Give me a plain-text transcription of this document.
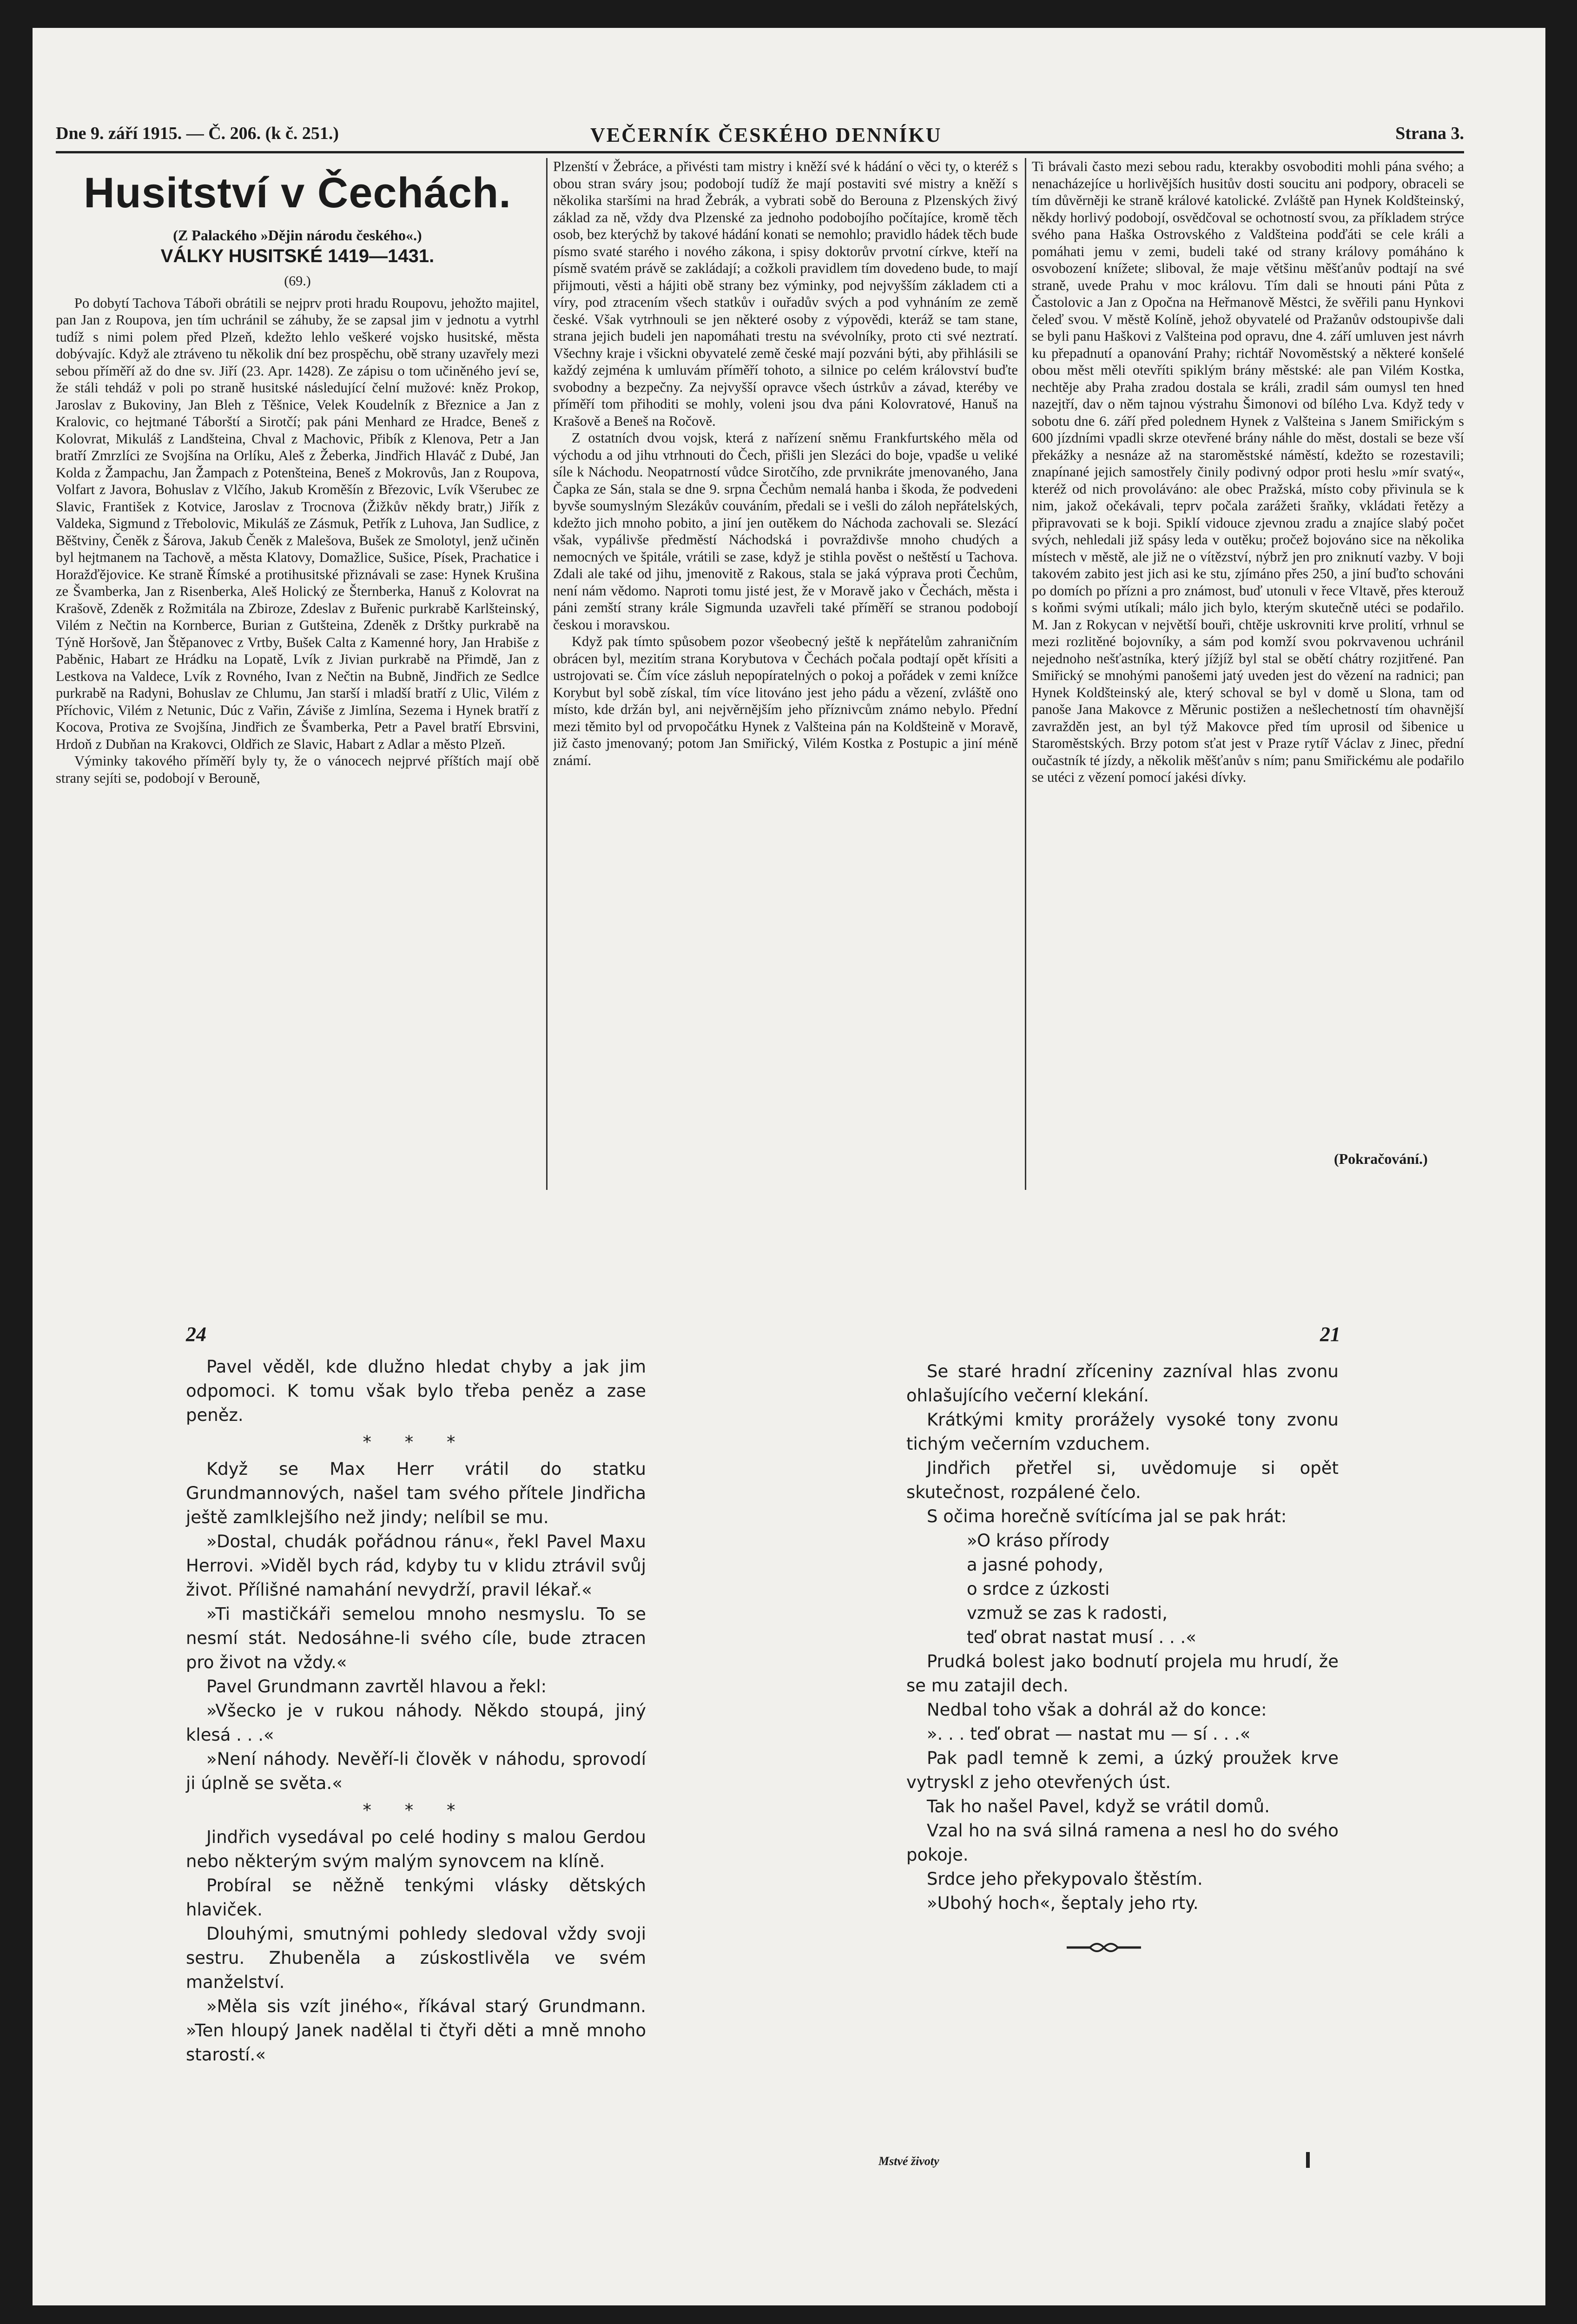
Dne 9. září 1915. — Č. 206. (k č. 251.)	VEČERNÍK ČESKÉHO DENNÍKU	Strana 3.
Husitství v Čechách.
(Z Palackého »Dějin národu českého«.)
VÁLKY HUSITSKÉ 1419—1431.
(69.)

Po dobytí Tachova Táboři obrátili se nejprv proti hradu Roupovu, jehožto majitel, pan Jan z Roupova, jen tím uchránil se záhuby, že se zapsal jim v jednotu a vytrhl tudíž s nimi polem před Plzeň, kdežto lehlo veškeré vojsko husitské, města dobývajíc. Když ale ztráveno tu několik dní bez prospěchu, obě strany uzavřely mezi sebou příměří až do dne sv. Jiří (23. Apr. 1428). Ze zápisu o tom učiněného jeví se, že stáli tehdáž v poli po straně husitské následující čelní mužové: kněz Prokop, Jaroslav z Bukoviny, Jan Bleh z Těšnice, Velek Koudelník z Březnice a Jan z Kralovic, co hejtmané Táborští a Sirotčí; pak páni Menhard ze Hradce, Beneš z Kolovrat, Mikuláš z Landšteina, Chval z Machovic, Přibík z Klenova, Petr a Jan bratří Zmrzlíci ze Svojšína na Orlíku, Aleš z Žeberka, Jindřich Hlaváč z Dubé, Jan Kolda z Žampachu, Jan Žampach z Potenšteina, Beneš z Mokrovůs, Jan z Roupova, Volfart z Javora, Bohuslav z Vlčího, Jakub Kroměšín z Březovic, Lvík Všerubec ze Slavic, František z Kotvice, Jaroslav z Trocnova (Žižkův někdy bratr,) Jiřík z Valdeka, Sigmund z Třebolovic, Mikuláš ze Zásmuk, Petřík z Luhova, Jan Sudlice, z Běštviny, Čeněk z Šárova, Jakub Čeněk z Malešova, Bušek ze Smolotyl, jenž učiněn byl hejtmanem na Tachově, a města Klatovy, Domažlice, Sušice, Písek, Prachatice i Horažďějovice. Ke straně Římské a protihusitské přiznávali se zase: Hynek Krušina ze Švamberka, Jan z Risenberka, Aleš Holický ze Šternberka, Hanuš z Kolovrat na Krašově, Zdeněk z Rožmitála na Zbiroze, Zdeslav z Buřenic purkrabě Karlšteinský, Vilém z Nečtin na Kornberce, Burian z Gutšteina, Zdeněk z Drštky purkrabě na Týně Horšově, Jan Štěpanovec z Vrtby, Bušek Calta z Kamenné hory, Jan Hrabiše z Paběnic, Habart ze Hrádku na Lopatě, Lvík z Jivian purkrabě na Přimdě, Jan z Lestkova na Valdece, Lvík z Rovného, Ivan z Nečtin na Bubně, Jindřich ze Sedlce purkrabě na Radyni, Bohuslav ze Chlumu, Jan starší i mladší bratří z Ulic, Vilém z Příchovic, Vilém z Netunic, Dúc z Vařin, Záviše z Jimlína, Sezema i Hynek bratří z Kocova, Protiva ze Svojšína, Jindřich ze Švamberka, Petr a Pavel bratří Ebrsvini, Hrdoň z Dubňan na Krakovci, Oldřich ze Slavic, Habart z Adlar a město Plzeň.

Výminky takového příměří byly ty, že o vánocech nejprvé příštích mají obě strany sejíti se, podobojí v Berouně,

Plzenští v Žebráce, a přivésti tam mistry i kněží své k hádání o věci ty, o kteréž s obou stran sváry jsou; podobojí tudíž že mají postaviti své mistry a kněží s několika staršími na hrad Žebrák, a vybrati sobě do Berouna z Plzenských živý základ za ně, vždy dva Plzenské za jednoho podobojího počítajíce, kromě těch osob, bez kterýchž by takové hádání konati se nemohlo; pravidlo hádek těch bude písmo svaté starého i nového zákona, i spisy doktorův prvotní církve, kteří na písmě svatém právě se zakládají; a cožkoli pravidlem tím dovedeno bude, to mají přijmouti, věsti a hájiti obě strany bez výminky, pod nejvyšším základem cti a víry, pod ztracením všech statkův i ouřadův svých a pod vyhnáním ze země české. Však vytrhnouli se jen některé osoby z výpovědi, kteráž se tam stane, strana jejich budeli jen napomáhati trestu na svévolníky, proto cti své neztratí. Všechny kraje i všickni obyvatelé země české mají pozváni býti, aby přihlásili se každý zejména k umluvám příměří tohoto, a silnice po celém království buďte svobodny a bezpečny. Za nejvyšší opravce všech ústrkův a závad, kteréby ve příměří tom přihoditi se mohly, voleni jsou dva páni Kolovratové, Hanuš na Krašově a Beneš na Ročově.

Z ostatních dvou vojsk, která z nařízení sněmu Frankfurtského měla od východu a od jihu vtrhnouti do Čech, přišli jen Slezáci do boje, vpadše u veliké síle k Náchodu. Neopatrností vůdce Sirotčího, zde prvnikráte jmenovaného, Jana Čapka ze Sán, stala se dne 9. srpna Čechům nemalá hanba i škoda, že podvedeni byvše soumyslným Slezákův couváním, předali se i vešli do záloh nepřátelských, kdežto jich mnoho pobito, a jiní jen outěkem do Náchoda zachovali se. Slezácí však, vypálivše předměstí Náchodská i povraždivše mnoho chudých a nemocných ve špitále, vrátili se zase, když je stihla pověst o neštěstí u Tachova. Zdali ale také od jihu, jmenovitě z Rakous, stala se jaká výprava proti Čechům, není nám vědomo. Naproti tomu jisté jest, že v Moravě jako v Čechách, města i páni zemští strany krále Sigmunda uzavřeli také příměří se stranou podobojí českou i moravskou.

Když pak tímto spůsobem pozor všeobecný ještě k nepřátelům zahraničním obrácen byl, mezitím strana Korybutova v Čechách počala podtají opět křísiti a ustrojovati se. Čím více zásluh nepopíratelných o pokoj a pořádek v zemi knížce Korybut byl sobě získal, tím více litováno jest jeho pádu a vězení, zvláště ono místo, kde držán byl, ani nejvěrnějším jeho příznivcům známo nebylo. Přední mezi těmito byl od prvopočátku Hynek z Valšteina pán na Koldšteině v Moravě, již často jmenovaný; potom Jan Smiřický, Vilém Kostka z Postupic a jiní méně známí.

Ti brávali často mezi sebou radu, kterakby osvoboditi mohli pána svého; a nenacházejíce u horlivějších husitův dosti soucitu ani podpory, obraceli se tím důvěrněji ke straně králové katolické. Zvláště pan Hynek Koldšteinský, někdy horlivý podobojí, osvědčoval se ochotností svou, za příkladem strýce svého pana Haška Ostrovského z Valdšteina podďáti se cele králi a pomáhati jemu v zemi, budeli také od strany královy pomáháno k osvobození knížete; sliboval, že maje většinu měšťanův podtají na své straně, uvede Prahu v moc královu. Tím dali se hnouti páni Půta z Častolovic a Jan z Opočna na Heřmanově Městci, že svěřili panu Hynkovi čeleď svou. V městě Kolíně, jehož obyvatelé od Pražanův odstoupivše dali se byli panu Haškovi z Valšteina pod opravu, dne 4. září umluven jest návrh ku přepadnutí a opanování Prahy; richtář Novoměstský a některé konšelé obou měst měli otevříti spiklým brány městské: ale pan Vilém Kostka, nechtěje aby Praha zradou dostala se králi, zradil sám oumysl ten hned nazejtří, dav o něm tajnou výstrahu Šimonovi od bílého Lva. Když tedy v sobotu dne 6. září před polednem Hynek z Valšteina s Janem Smiřickým s 600 jízdními vpadli skrze otevřené brány náhle do měst, dostali se beze vší překážky a nesnáze až na staroměstské náměstí, kdežto se rozestavili; znapínané jejich samostřely činily podivný odpor proti heslu »mír svatý«, kteréž od nich provoláváno: ale obec Pražská, místo coby přivinula se k nim, jakož očekávali, teprv počala zarážeti šraňky, vkládati řetězy a připravovati se k boji. Spiklí vidouce zjevnou zradu a znajíce slabý počet svých, nehledali již spásy leda v outěku; pročež bojováno sice na několika místech v městě, ale již ne o vítězství, nýbrž jen pro zniknutí vazby. V boji takovém zabito jest jich asi ke stu, zjímáno přes 250, a jiní buďto schováni po domích po přízni a pro známost, buď utonuli v řece Vltavě, přes kterouž s koňmi svými utíkali; málo jich bylo, kterým skutečně utéci se podařilo. M. Jan z Rokycan v největší bouři, chtěje uskrovniti krve prolití, vrhnul se mezi rozlitěné bojovníky, a sám pod komží svou pokrvavenou uchránil nejednoho nešťastníka, který jížjíž byl stal se obětí chátry rozjitřené. Pan Smiřický se mnohými panošemi jatý uveden jest do vězení na radnici; pan Hynek Koldšteinský ale, který schoval se byl v domě u Slona, tam od panoše Jana Makovce z Měrunic postižen a nešlechetností tím ohavnější zavražděn jest, an byl týž Makovce před tím uprosil od šibenice u Staroměstských. Brzy potom sťat jest v Praze rytíř Václav z Jinec, přední oučastník té jízdy, a několik měšťanův s ním; panu Smiřickému ale podařilo se utéci z vězení pomocí jakési dívky.

(Pokračování.)
24	21

Pavel věděl, kde dlužno hledat chyby a jak jim odpomoci. K tomu však bylo třeba peněz a zase peněz.

* * *

Když se Max Herr vrátil do statku Grundmannových, našel tam svého přítele Jindřicha ještě zamlklejšího než jindy; nelíbil se mu.

»Dostal, chudák pořádnou ránu«, řekl Pavel Maxu Herrovi. »Viděl bych rád, kdyby tu v klidu ztrávil svůj život. Přílišné namahání nevydrží, pravil lékař.«

»Ti mastičkáři semelou mnoho nesmyslu. To se nesmí stát. Nedosáhne-li svého cíle, bude ztracen pro život na vždy.«

Pavel Grundmann zavrtěl hlavou a řekl:

»Všecko je v rukou náhody. Někdo stoupá, jiný klesá . . .«

»Není náhody. Nevěří-li člověk v náhodu, sprovodí ji úplně se světa.«

* * *

Jindřich vysedával po celé hodiny s malou Gerdou nebo některým svým malým synovcem na klíně.

Probíral se něžně tenkými vlásky dětských hlaviček.

Dlouhými, smutnými pohledy sledoval vždy svoji sestru. Zhubeněla a zúskostlivěla ve svém manželství.

»Měla sis vzít jiného«, říkával starý Grundmann. »Ten hloupý Janek nadělal ti čtyři děti a mně mnoho starostí.«

Se staré hradní zříceniny zazníval hlas zvonu ohlašujícího večerní klekání.

Krátkými kmity prorážely vysoké tony zvonu tichým večerním vzduchem.

Jindřich přetřel si, uvědomuje si opět skutečnost, rozpálené čelo.

S očima horečně svítícíma jal se pak hrát:

»O kráso přírody

a jasné pohody,

o srdce z úzkosti

vzmuž se zas k radosti,

teď obrat nastat musí . . .«

Prudká bolest jako bodnutí projela mu hrudí, že se mu zatajil dech.

Nedbal toho však a dohrál až do konce:

». . . teď obrat — nastat mu — sí . . .«

Pak padl temně k zemi, a úzký proužek krve vytryskl z jeho otevřených úst.

Tak ho našel Pavel, když se vrátil domů.

Vzal ho na svá silná ramena a nesl ho do svého pokoje.

Srdce jeho překypovalo štěstím.

»Ubohý hoch«, šeptaly jeho rty.

Mstvé životy
